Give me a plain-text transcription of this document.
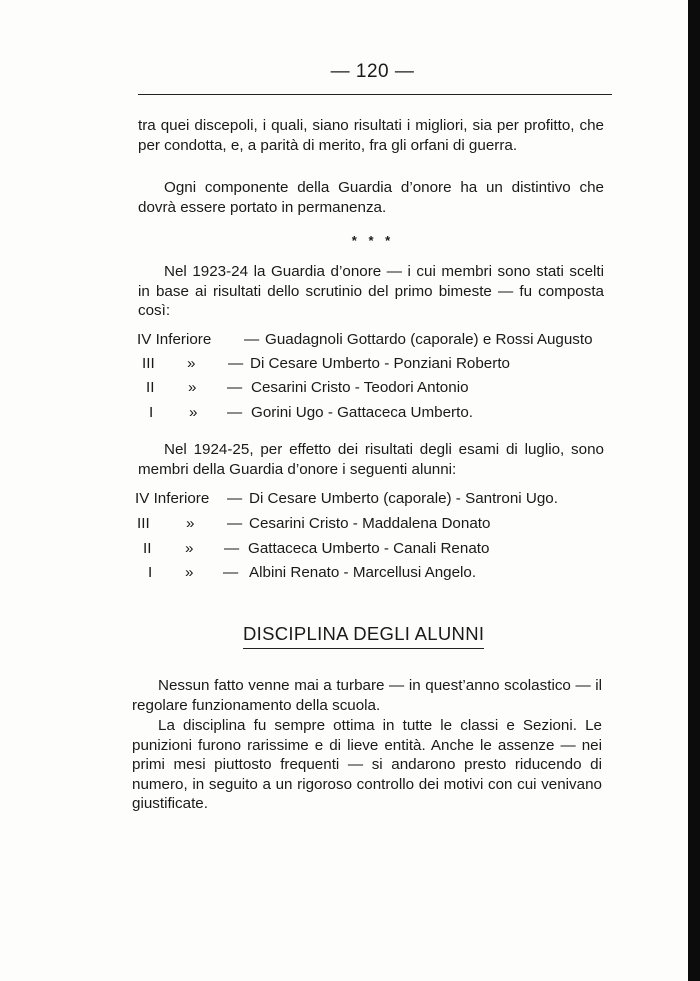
— 120 —
tra quei discepoli, i quali, siano risultati i migliori, sia per profitto, che per condotta, e, a parità di merito, fra gli orfani di guerra.
Ogni componente della Guardia d’onore ha un distintivo che dovrà essere portato in permanenza.
* * *
Nel 1923-24 la Guardia d’onore — i cui membri sono stati scelti in base ai risultati dello scrutinio del primo bimeste — fu composta così:
IV Inferiore — Guadagnoli Gottardo (caporale) e Rossi Augusto
III » — Di Cesare Umberto - Ponziani Roberto
II » — Cesarini Cristo - Teodori Antonio
I » — Gorini Ugo - Gattaceca Umberto.
Nel 1924-25, per effetto dei risultati degli esami di luglio, sono membri della Guardia d’onore i seguenti alunni:
IV Inferiore — Di Cesare Umberto (caporale) - Santroni Ugo.
III » — Cesarini Cristo - Maddalena Donato
II » — Gattaceca Umberto - Canali Renato
I » — Albini Renato - Marcellusi Angelo.
DISCIPLINA DEGLI ALUNNI
Nessun fatto venne mai a turbare — in quest’anno scolastico — il regolare funzionamento della scuola.
La disciplina fu sempre ottima in tutte le classi e Sezioni. Le punizioni furono rarissime e di lieve entità. Anche le assenze — nei primi mesi piuttosto frequenti — si andarono presto riducendo di numero, in seguito a un rigoroso controllo dei motivi con cui venivano giustificate.
